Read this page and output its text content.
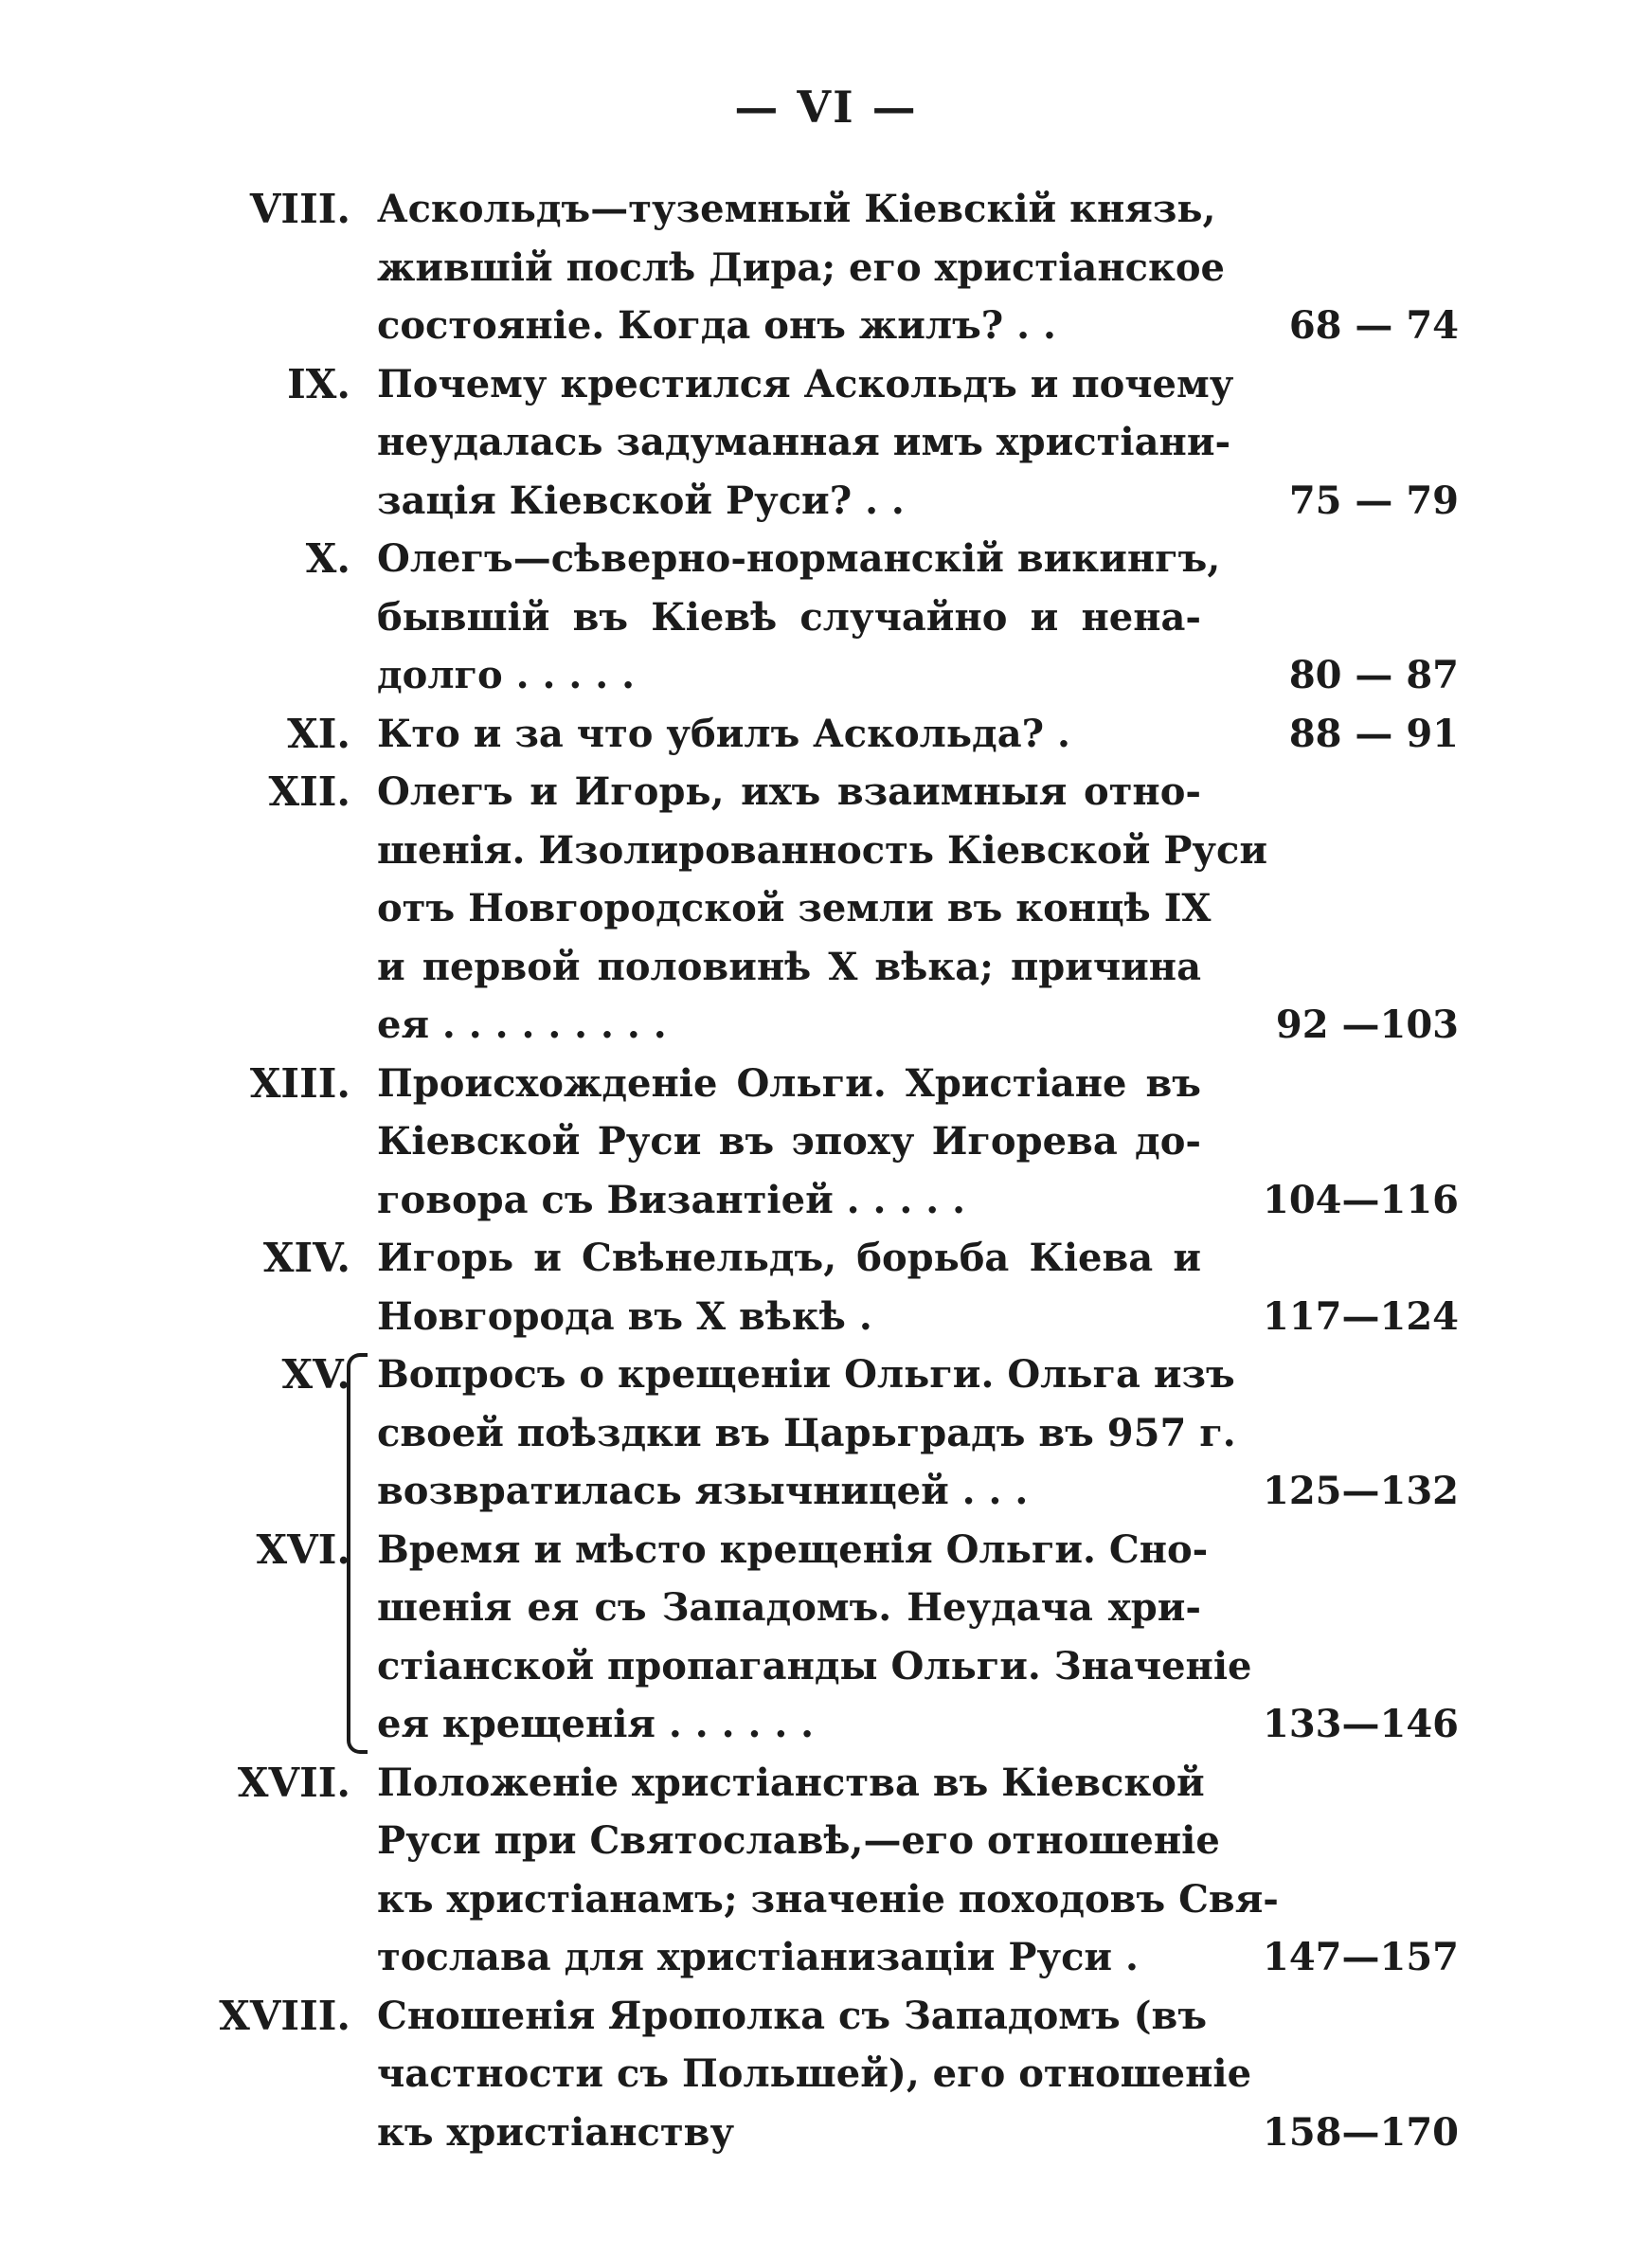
— VI —
VIII. Аскольдъ—туземный Кіевскій князь,
жившій послѣ Дира; его христіанское
состояніе. Когда онъ жилъ? . .	68 — 74
IX. Почему крестился Аскольдъ и почему
неудалась задуманная имъ христіани-
зація Кіевской Руси? . .	75 — 79
X. Олегъ—сѣверно-норманскій викингъ,
бывшій въ Кіевѣ случайно и нена-
долго . . . . .	80 — 87
XI. Кто и за что убилъ Аскольда? .	88 — 91
XII. Олегъ и Игорь, ихъ взаимныя отно-
шенія. Изолированность Кіевской Руси
отъ Новгородской земли въ концѣ IX
и первой половинѣ X вѣка; причина
ея . . . . . . . . .	92 —103
XIII. Происхожденіе Ольги. Христіане въ
Кіевской Руси въ эпоху Игорева до-
говора съ Византіей . . . . .	104—116
XIV. Игорь и Свѣнельдъ, борьба Кіева и
Новгорода въ X вѣкѣ .	117—124
XV. Вопросъ о крещеніи Ольги. Ольга изъ
своей поѣздки въ Царьградъ въ 957 г.
возвратилась язычницей . . .	125—132
XVI. Время и мѣсто крещенія Ольги. Сно-
шенія ея съ Западомъ. Неудача хри-
стіанской пропаганды Ольги. Значеніе
ея крещенія . . . . . .	133—146
XVII. Положеніе христіанства въ Кіевской
Руси при Святославѣ,—его отношеніе
къ христіанамъ; значеніе походовъ Свя-
тослава для христіанизаціи Руси .	147—157
XVIII. Сношенія Ярополка съ Западомъ (въ
частности съ Польшей), его отношеніе
къ христіанству	158—170
